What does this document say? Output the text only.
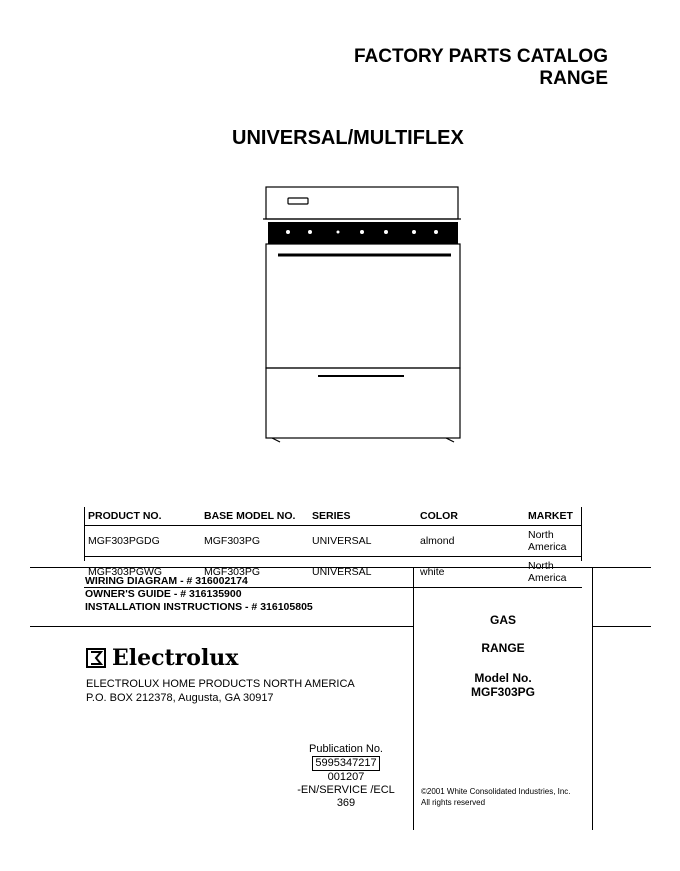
FACTORY PARTS CATALOG
RANGE
UNIVERSAL/MULTIFLEX
PRODUCT NO.	BASE MODEL NO.	SERIES	COLOR	MARKET
MGF303PGDG	MGF303PG	UNIVERSAL	almond	North America
MGF303PGWG	MGF303PG	UNIVERSAL	white	North America
WIRING DIAGRAM - # 316002174
OWNER'S GUIDE - # 316135900
INSTALLATION INSTRUCTIONS - # 316105805
Electrolux
ELECTROLUX HOME PRODUCTS NORTH AMERICA
P.O. BOX 212378, Augusta, GA 30917
GAS
RANGE
Model No.
MGF303PG
Publication No.
5995347217
001207
-EN/SERVICE /ECL
369
©2001 White Consolidated Industries, Inc.
All rights reserved
